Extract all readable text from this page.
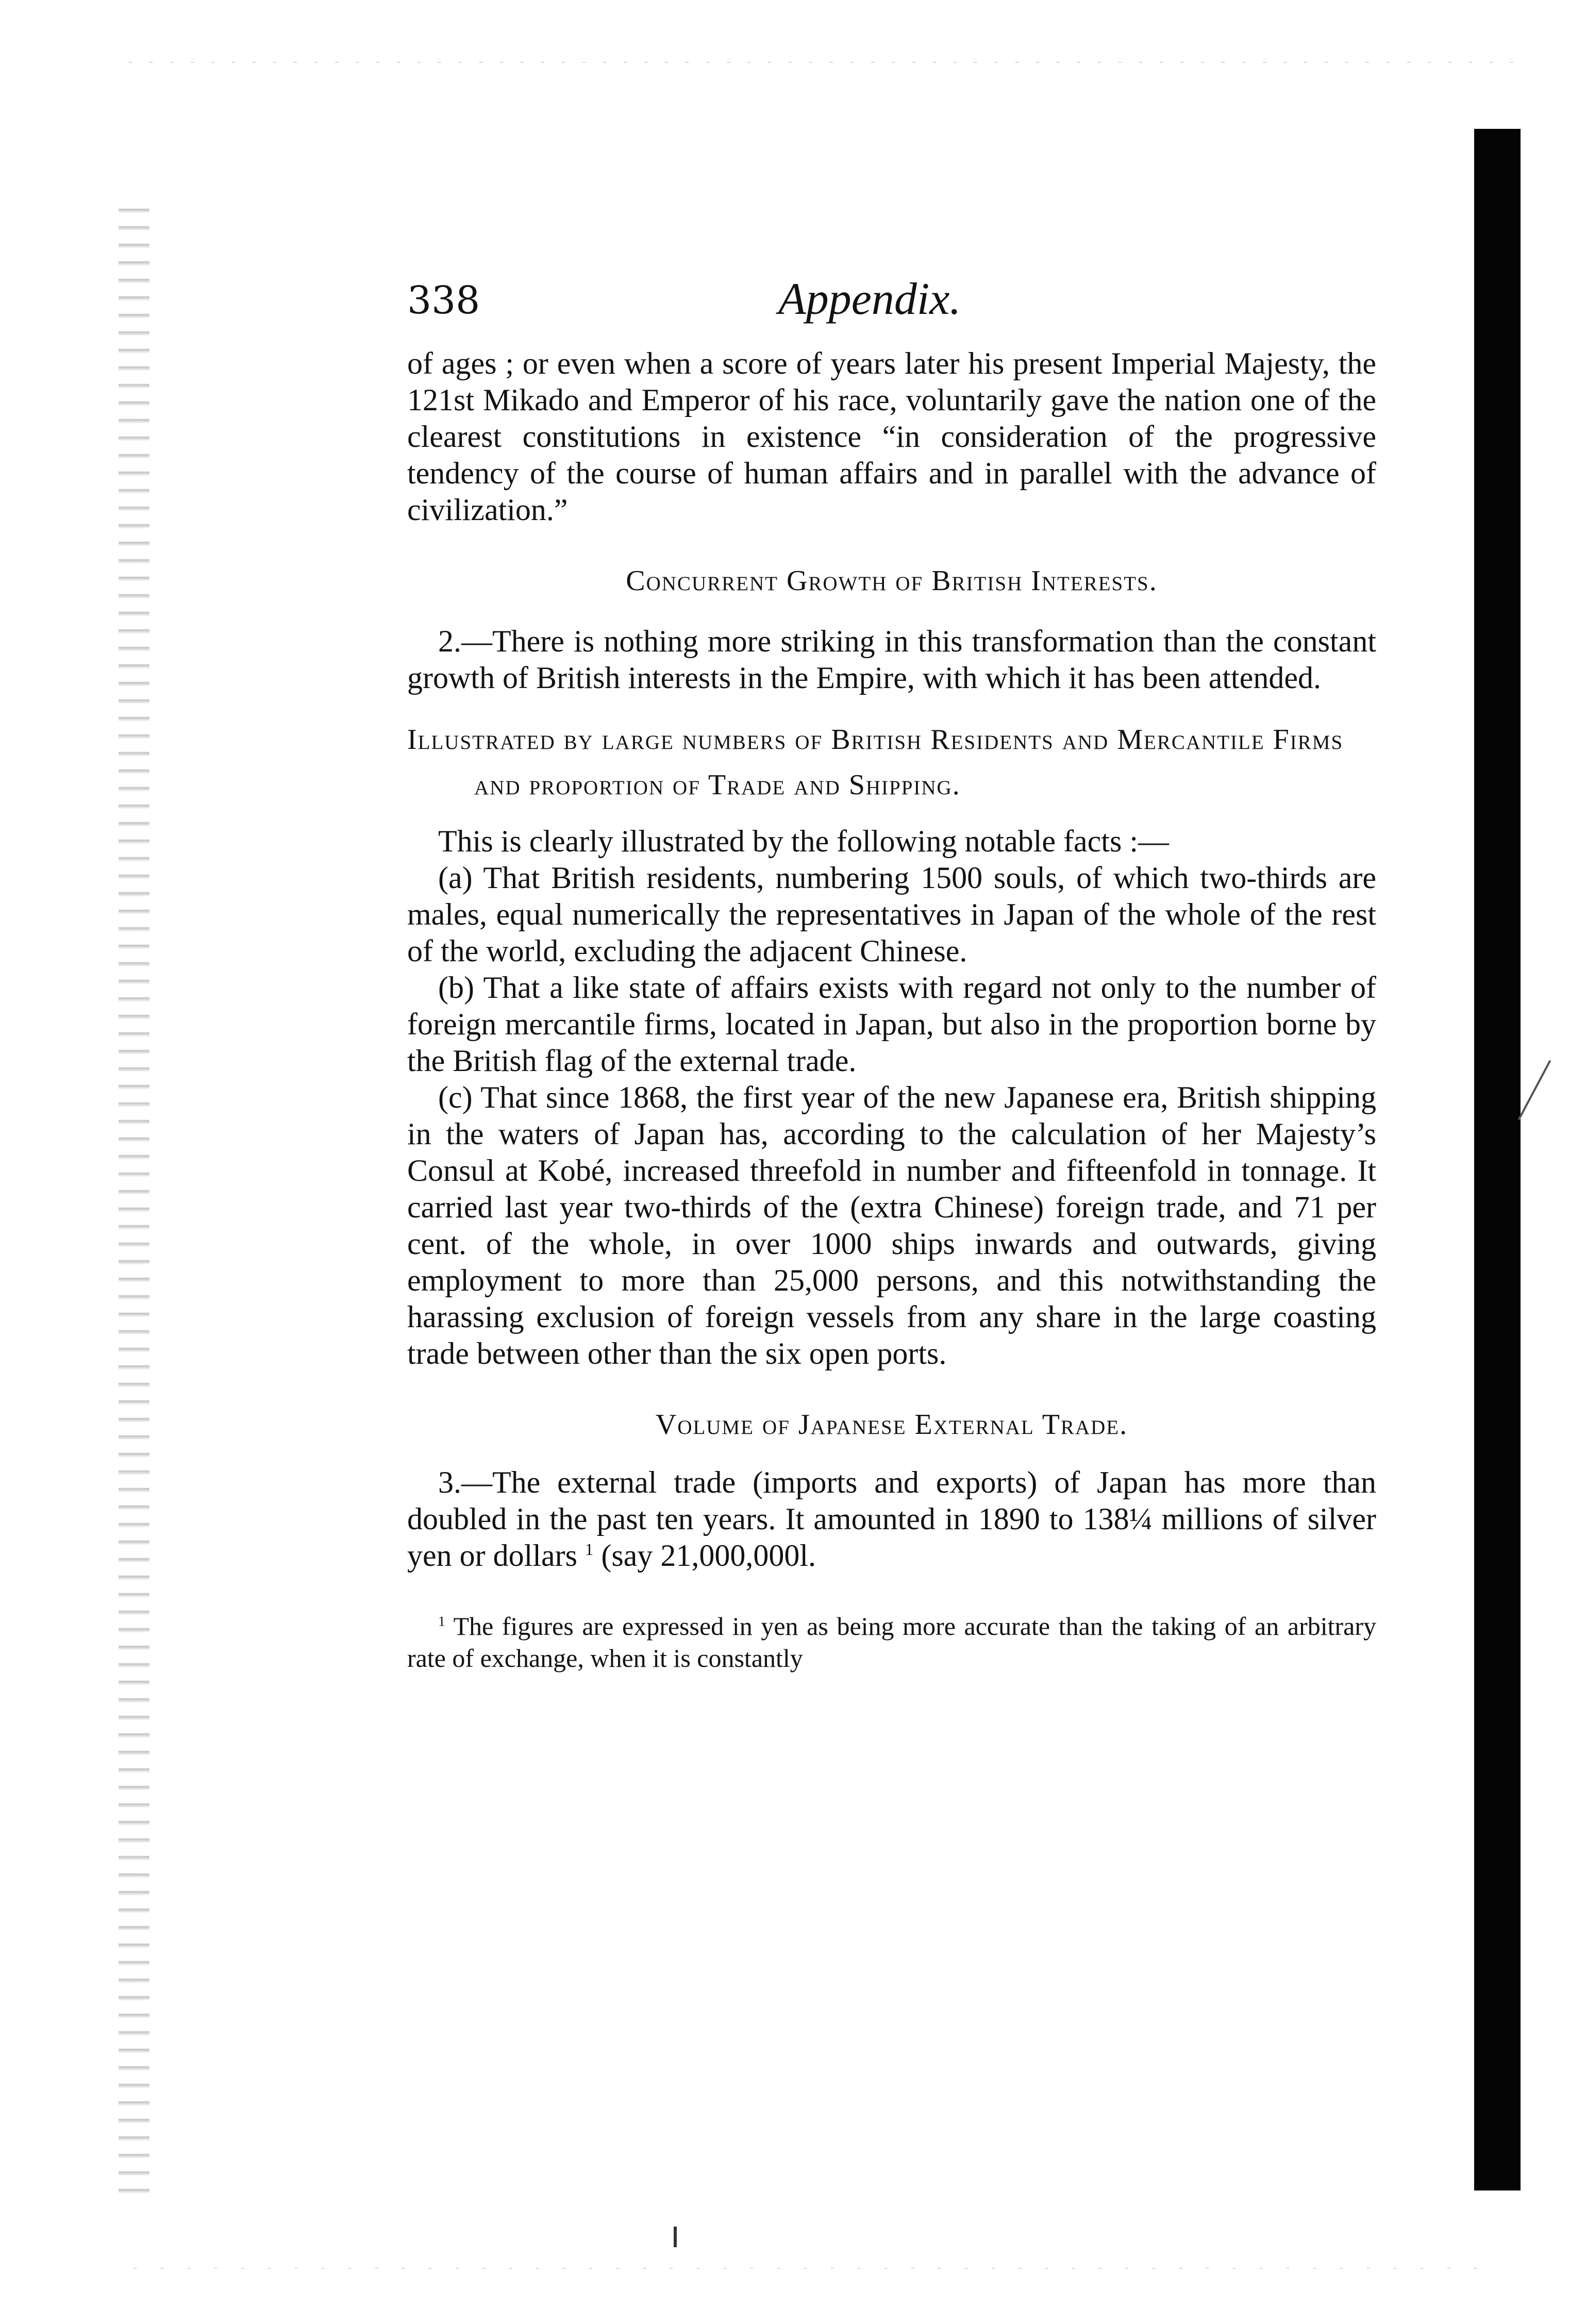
338	Appendix.

of ages ; or even when a score of years later his present Imperial Majesty, the 121st Mikado and Emperor of his race, voluntarily gave the nation one of the clearest constitutions in existence “in consideration of the progressive tendency of the course of human affairs and in parallel with the advance of civilization.”

Concurrent Growth of British Interests.

2.—There is nothing more striking in this transformation than the constant growth of British interests in the Empire, with which it has been attended.

Illustrated by large numbers of British Residents and Mercantile Firms and proportion of Trade and Shipping.

This is clearly illustrated by the following notable facts :—

(a) That British residents, numbering 1500 souls, of which two-thirds are males, equal numerically the representatives in Japan of the whole of the rest of the world, excluding the adjacent Chinese.

(b) That a like state of affairs exists with regard not only to the number of foreign mercantile firms, located in Japan, but also in the proportion borne by the British flag of the external trade.

(c) That since 1868, the first year of the new Japanese era, British shipping in the waters of Japan has, according to the calculation of her Majesty’s Consul at Kobé, increased threefold in number and fifteenfold in tonnage. It carried last year two-thirds of the (extra Chinese) foreign trade, and 71 per cent. of the whole, in over 1000 ships inwards and outwards, giving employment to more than 25,000 persons, and this notwithstanding the harassing exclusion of foreign vessels from any share in the large coasting trade between other than the six open ports.

Volume of Japanese External Trade.

3.—The external trade (imports and exports) of Japan has more than doubled in the past ten years. It amounted in 1890 to 138¼ millions of silver yen or dollars $^1$ (say 21,000,000l.

$^1$ The figures are expressed in yen as being more accurate than the taking of an arbitrary rate of exchange, when it is constantly
